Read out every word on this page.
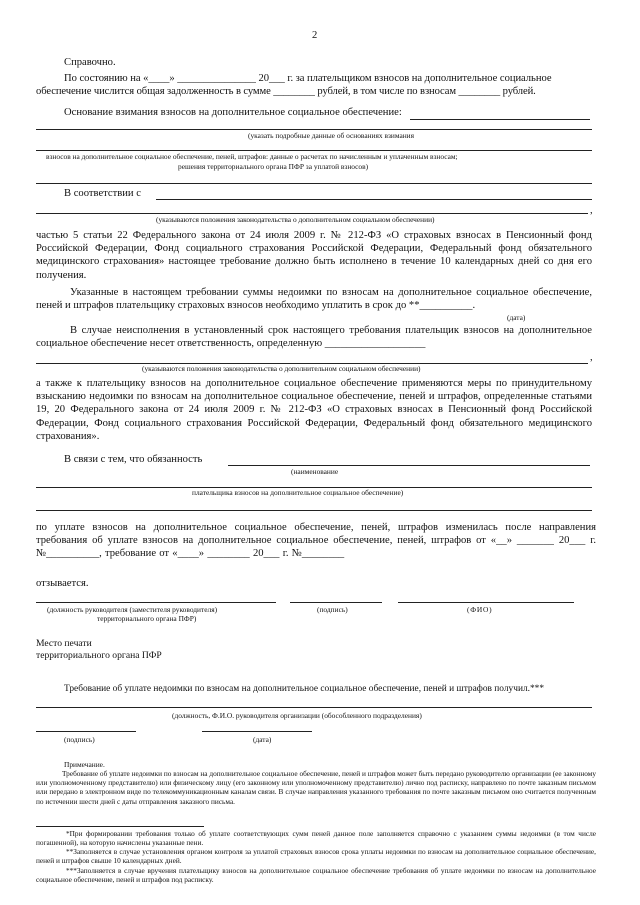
2
Справочно.
По состоянию на «____» _______________ 20___ г. за плательщиком взносов на дополнительное социальное
обеспечение числится общая задолженность в сумме ________ рублей, в том числе по взносам ________ рублей.
Основание взимания взносов на дополнительное социальное обеспечение:
(указать подробные данные об основаниях взимания
взносов на дополнительное социальное обеспечение, пеней, штрафов: данные о расчетах по начисленным и уплаченным взносам;
решения территориального органа ПФР за уплатой взносов)
В соответствии с
,
(указываются положения законодательства о дополнительном социальном обеспечении)
частью 5 статьи 22 Федерального закона от 24 июля 2009 г. № 212-ФЗ «О страховых взносах в Пенсионный фонд Российской Федерации, Фонд социального страхования Российской Федерации, Федеральный фонд обязательного медицинского страхования» настоящее требование должно быть исполнено в течение 10 календарных дней со дня его получения.
Указанные в настоящем требовании суммы недоимки по взносам на дополнительное социальное обеспечение, пеней и штрафов плательщику страховых взносов необходимо уплатить в срок до **__________.
(дата)
В случае неисполнения в установленный срок настоящего требования плательщик взносов на дополнительное социальное обеспечение несет ответственность, определенную ___________________
,
(указываются положения законодательства о дополнительном социальном обеспечении)
а также к плательщику взносов на дополнительное социальное обеспечение применяются меры по принудительному взысканию недоимки по взносам на дополнительное социальное обеспечение, пеней и штрафов, определенные статьями 19, 20 Федерального закона от 24 июля 2009 г. № 212-ФЗ «О страховых взносах в Пенсионный фонд Российской Федерации, Фонд социального страхования Российской Федерации, Федеральный фонд обязательного медицинского страхования».
В связи с тем, что обязанность
(наименование
плательщика взносов на дополнительное социальное обеспечение)
по уплате взносов на дополнительное социальное обеспечение, пеней, штрафов изменилась после направления требования об уплате взносов на дополнительное социальное обеспечение, пеней, штрафов от «__» _______ 20___ г. №__________, требование от «____» ________ 20___ г. №________
отзывается.
(должность руководителя (заместителя руководителя)
территориального органа ПФР)
(подпись)	(ФИО)
Место печати
территориального органа ПФР
Требование об уплате недоимки по взносам на дополнительное социальное обеспечение, пеней и штрафов получил.***
(должность, Ф.И.О. руководителя организации (обособленного подразделения)
(подпись)	(дата)
Примечание.
Требование об уплате недоимки по взносам на дополнительное социальное обеспечение, пеней и штрафов может быть передано руководителю организации (ее законному или уполномоченному представителю) или физическому лицу (его законному или уполномоченному представителю) лично под расписку, направлено по почте заказным письмом или передано в электронном виде по телекоммуникационным каналам связи. В случае направления указанного требования по почте заказным письмом оно считается полученным по истечении шести дней с даты отправления заказного письма.
*При формировании требования только об уплате соответствующих сумм пеней данное поле заполняется справочно с указанием суммы недоимки (в том числе погашенной), на которую начислены указанные пени.
**Заполняется в случае установления органом контроля за уплатой страховых взносов срока уплаты недоимки по взносам на дополнительное социальное обеспечение, пеней и штрафов свыше 10 календарных дней.
***Заполняется в случае вручения плательщику взносов на дополнительное социальное обеспечение требования об уплате недоимки по взносам на дополнительное социальное обеспечение, пеней и штрафов под расписку.
